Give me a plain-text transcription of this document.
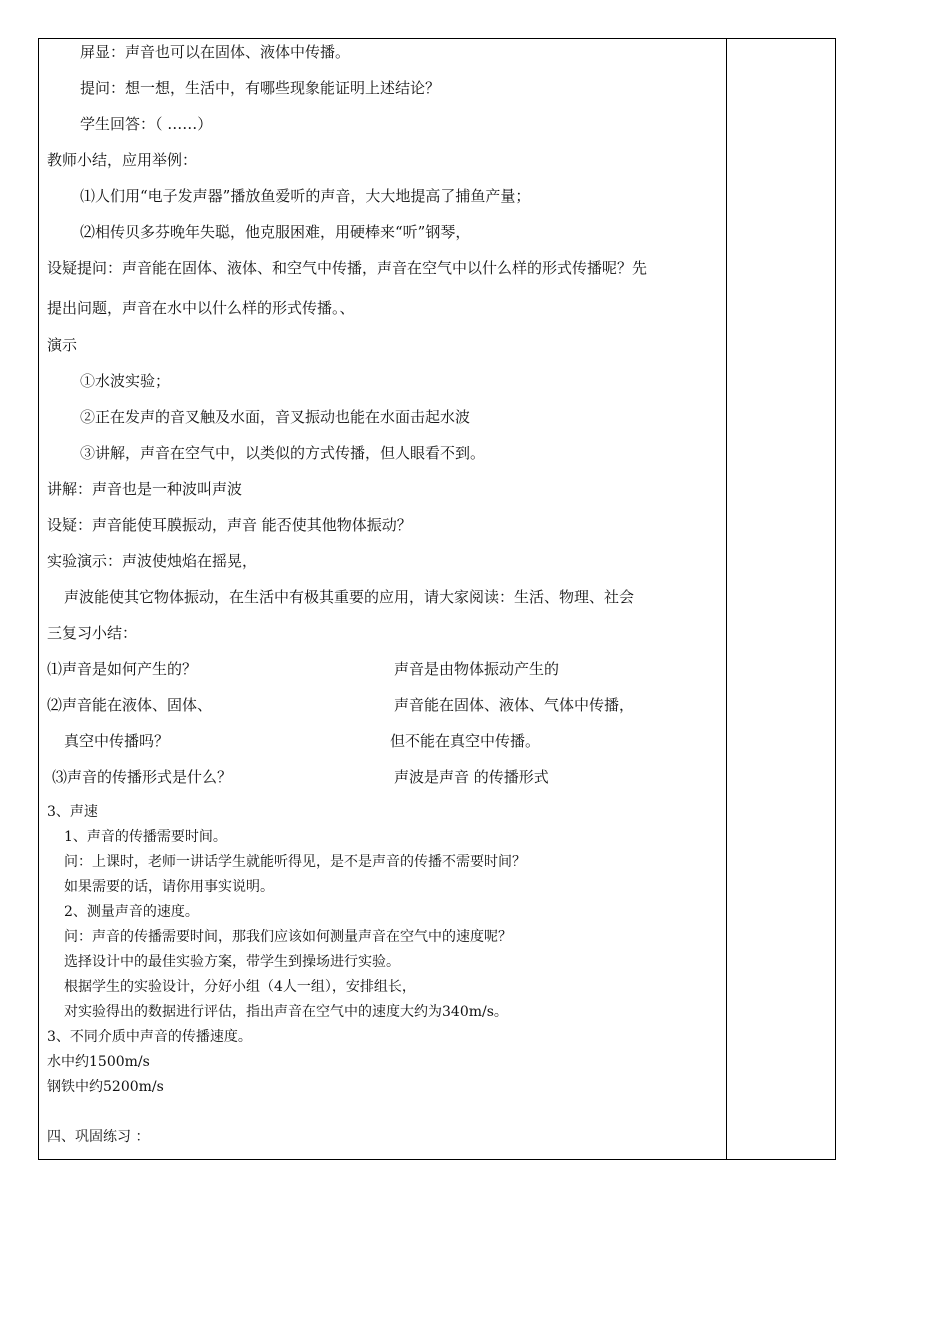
屏显：声音也可以在固体、液体中传播。
提问：想一想，生活中，有哪些现象能证明上述结论？
学生回答：（ ……）
教师小结，应用举例：
⑴人们用“电子发声器”播放鱼爱听的声音，大大地提高了捕鱼产量；
⑵相传贝多芬晚年失聪，他克服困难，用硬棒来“听”钢琴，
设疑提问：声音能在固体、液体、和空气中传播，声音在空气中以什么样的形式传播呢？先
提出问题，声音在水中以什么样的形式传播。、
演示
①水波实验；
②正在发声的音叉触及水面，音叉振动也能在水面击起水波
③讲解，声音在空气中，以类似的方式传播，但人眼看不到。
讲解：声音也是一种波叫声波
设疑：声音能使耳膜振动，声音 能否使其他物体振动？
实验演示：声波使烛焰在摇晃，
声波能使其它物体振动，在生活中有极其重要的应用，请大家阅读：生活、物理、社会
三复习小结：
⑴声音是如何产生的？	声音是由物体振动产生的
⑵声音能在液体、固体、	声音能在固体、液体、气体中传播，
真空中传播吗？	但不能在真空中传播。
⑶声音的传播形式是什么？	声波是声音 的传播形式
3、声速
1、声音的传播需要时间。
问：上课时，老师一讲话学生就能听得见，是不是声音的传播不需要时间？
如果需要的话，请你用事实说明。
2、测量声音的速度。
问：声音的传播需要时间，那我们应该如何测量声音在空气中的速度呢？
选择设计中的最佳实验方案，带学生到操场进行实验。
根据学生的实验设计，分好小组（4人一组），安排组长，
对实验得出的数据进行评估，指出声音在空气中的速度大约为340m/s。
3、不同介质中声音的传播速度。
水中约1500m/s
钢铁中约5200m/s
四、巩固练习 ：
